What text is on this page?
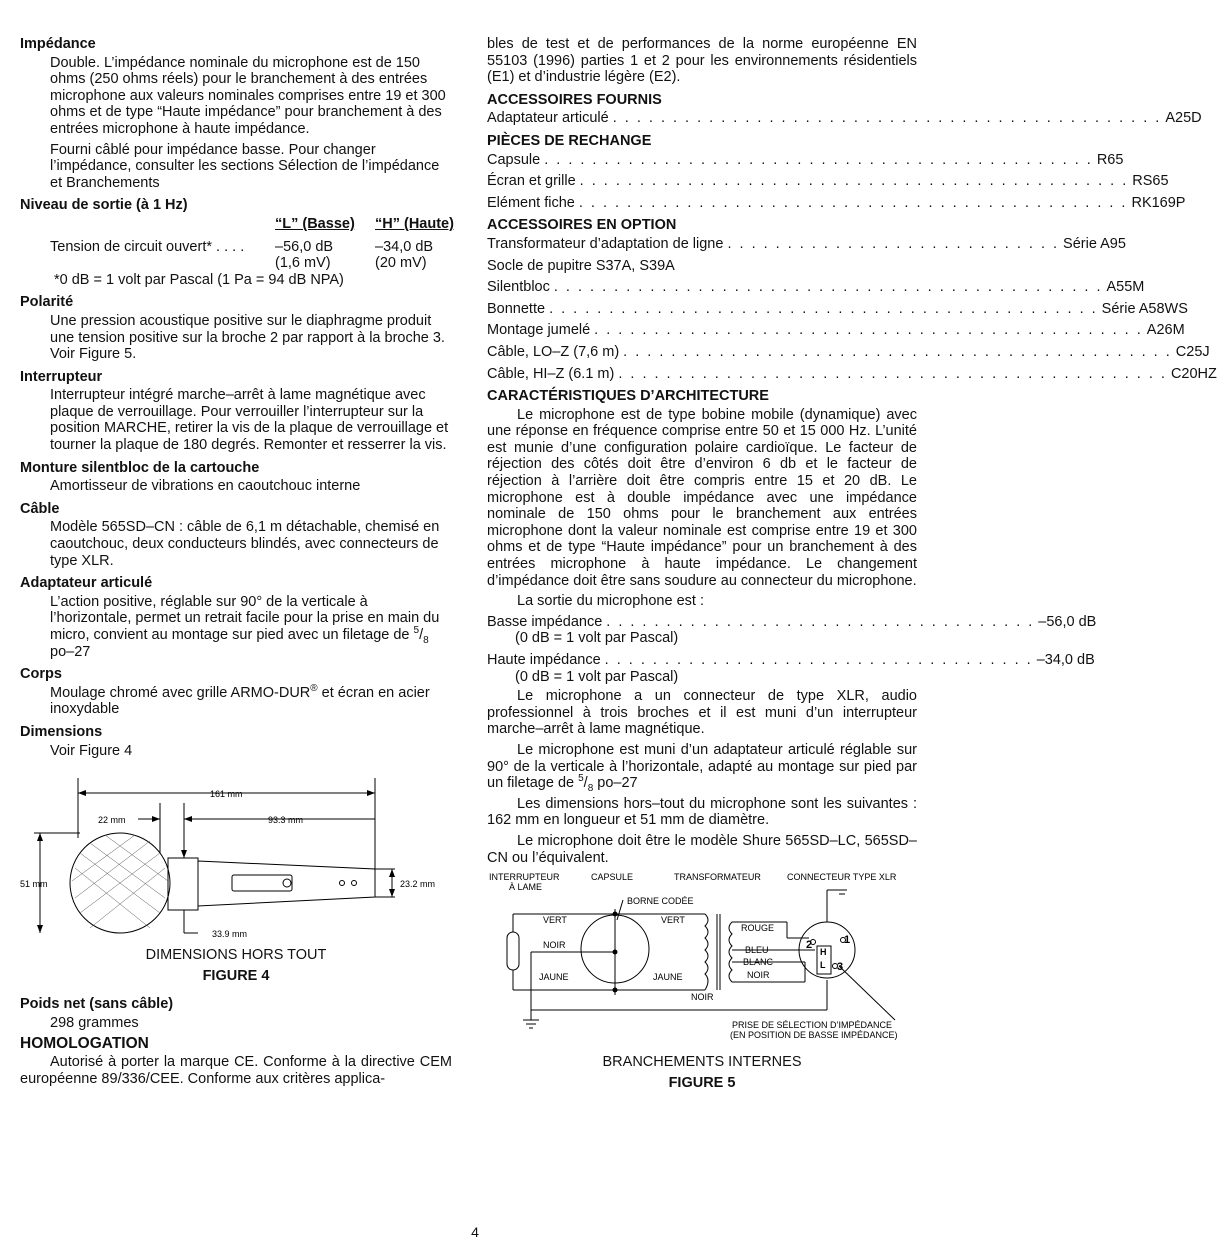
Impédance

Double. L’impédance nominale du microphone est de 150 ohms (250 ohms réels) pour le branchement à des entrées microphone aux valeurs nominales comprises entre 19 et 300 ohms et de type “Haute impédance” pour branchement à des entrées microphone à haute impédance.

Fourni câblé pour impédance basse. Pour changer l’impédance, consulter les sections Sélection de l’impédance et Branchements

Niveau de sortie (à 1 Hz)
“L” (Basse)	“H” (Haute)
Tension de circuit ouvert* . . . .	–56,0 dB	–34,0 dB
(1,6 mV)	(20 mV)
*0 dB = 1 volt par Pascal (1 Pa = 94 dB NPA)
Polarité

Une pression acoustique positive sur le diaphragme produit une tension positive sur la broche 2 par rapport à la broche 3. Voir Figure 5.

Interrupteur

Interrupteur intégré marche–arrêt à lame magnétique avec plaque de verrouillage. Pour verrouiller l’interrupteur sur la position MARCHE, retirer la vis de la plaque de verrouillage et tourner la plaque de 180 degrés. Remonter et resserrer la vis.

Monture silentbloc de la cartouche

Amortisseur de vibrations en caoutchouc interne

Câble

Modèle 565SD–CN : câble de 6,1 m détachable, chemisé en caoutchouc, deux conducteurs blindés, avec connecteurs de type XLR.

Adaptateur articulé

L’action positive, réglable sur 90° de la verticale à l’horizontale, permet un retrait facile pour la prise en main du micro, convient au montage sur pied avec un filetage de $^5/_8$ po–27

Corps

Moulage chromé avec grille ARMO-DUR® et écran en acier inoxydable

Dimensions

Voir Figure 4

161 mm
22 mm	93.3 mm
51 mm	23.2 mm
33.9 mm
DIMENSIONS HORS TOUT
FIGURE 4
Poids net (sans câble)

298 grammes

HOMOLOGATION

Autorisé à porter la marque CE. Conforme à la directive CEM européenne 89/336/CEE. Conforme aux critères applica-

bles de test et de performances de la norme européenne EN 55103 (1996) parties 1 et 2 pour les environnements résidentiels (E1) et d’industrie légère (E2).

ACCESSOIRES FOURNIS
Adaptateur articulé . . . . . . . . . . . . . . . . . . . . . . . . . . . . . . . . . . . . . . . . . . . . . . A25D
PIÈCES DE RECHANGE
Capsule . . . . . . . . . . . . . . . . . . . . . . . . . . . . . . . . . . . . . . . . . . . . . . R65
Écran et grille . . . . . . . . . . . . . . . . . . . . . . . . . . . . . . . . . . . . . . . . . . . . . . RS65
Elément fiche . . . . . . . . . . . . . . . . . . . . . . . . . . . . . . . . . . . . . . . . . . . . . . RK169P
ACCESSOIRES EN OPTION
Transformateur d’adaptation de ligne . . . . . . . . . . . . . . . . . . . . . . . . . . . . Série A95
Socle de pupitre S37A, S39A
Silentbloc . . . . . . . . . . . . . . . . . . . . . . . . . . . . . . . . . . . . . . . . . . . . . . A55M
Bonnette . . . . . . . . . . . . . . . . . . . . . . . . . . . . . . . . . . . . . . . . . . . . . . Série A58WS
Montage jumelé . . . . . . . . . . . . . . . . . . . . . . . . . . . . . . . . . . . . . . . . . . . . . . A26M
Câble, LO–Z (7,6 m) . . . . . . . . . . . . . . . . . . . . . . . . . . . . . . . . . . . . . . . . . . . . . . C25J
Câble, HI–Z (6.1 m) . . . . . . . . . . . . . . . . . . . . . . . . . . . . . . . . . . . . . . . . . . . . . . C20HZ
CARACTÉRISTIQUES D’ARCHITECTURE

Le microphone est de type bobine mobile (dynamique) avec une réponse en fréquence comprise entre 50 et 15 000 Hz. L’unité est munie d’une configuration polaire cardioïque. Le facteur de réjection des côtés doit être d’environ 6 db et le facteur de réjection à l’arrière doit être compris entre 15 et 20 dB. Le microphone est à double impédance avec une impédance nominale de 150 ohms pour le branchement aux entrées microphone dont la valeur nominale est comprise entre 19 et 300 ohms et de type “Haute impédance” pour un branchement à des entrées microphone à haute impédance. Le changement d’impédance doit être sans soudure au connecteur du microphone.

La sortie du microphone est :

Basse impédance . . . . . . . . . . . . . . . . . . . . . . . . . . . . . . . . . . . . –56,0 dB
(0 dB = 1 volt par Pascal)
Haute impédance . . . . . . . . . . . . . . . . . . . . . . . . . . . . . . . . . . . . –34,0 dB
(0 dB = 1 volt par Pascal)

Le microphone a un connecteur de type XLR, audio professionnel à trois broches et il est muni d’un interrupteur marche–arrêt à lame magnétique.

Le microphone est muni d’un adaptateur articulé réglable sur 90° de la verticale à l’horizontale, adapté au montage sur pied par un filetage de $^5/_8$ po–27

Les dimensions hors–tout du microphone sont les suivantes : 162 mm en longueur et 51 mm de diamètre.

Le microphone doit être le modèle Shure 565SD–LC, 565SD–CN ou l’équivalent.

INTERRUPTEUR
À LAME
CAPSULE	TRANSFORMATEUR	CONNECTEUR TYPE XLR
BORNE CODÉE
VERT	VERT
NOIR
JAUNE	JAUNE
ROUGE
BLEU
BLANC
NOIR
NOIR
2	1
3
H
L
PRISE DE SÉLECTION D’IMPÉDANCE
(EN POSITION DE BASSE IMPÉDANCE)
BRANCHEMENTS INTERNES
FIGURE 5
4
